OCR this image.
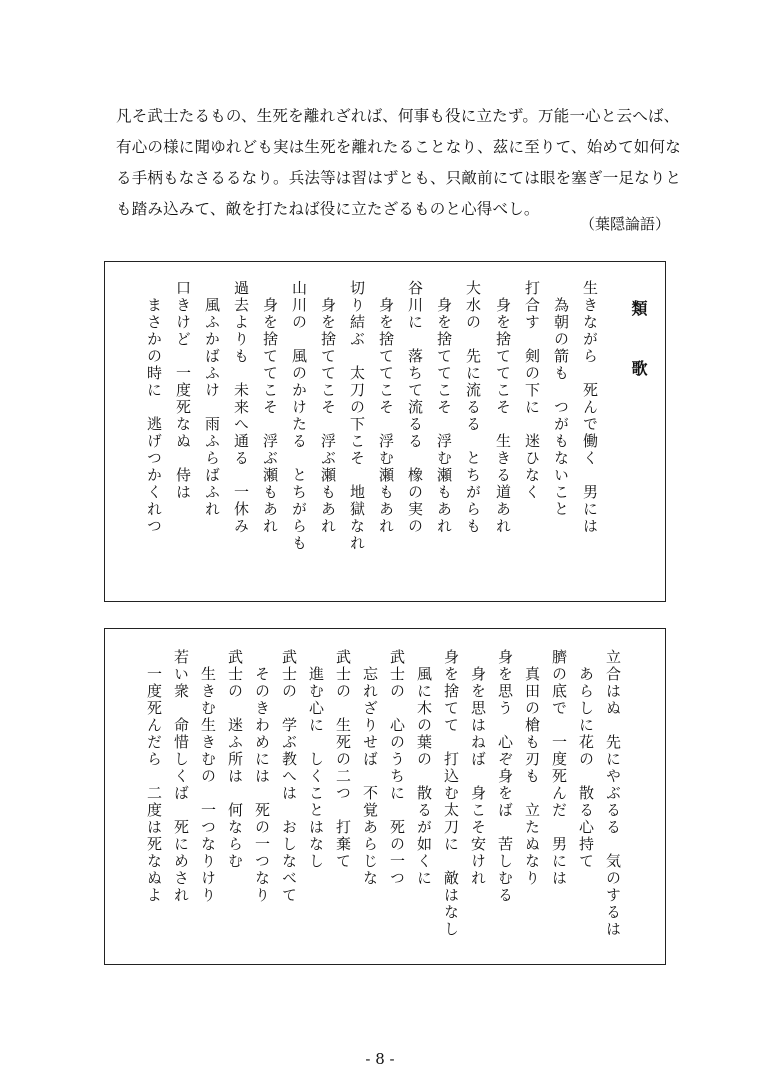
凡そ武士たるもの、生死を離れざれば、何事も役に立たず。万能一心と云へば、
有心の様に聞ゆれども実は生死を離れたることなり、茲に至りて、始めて如何な
る手柄もなさるるなり。兵法等は習はずとも、只敵前にては眼を塞ぎ一足なりと
も踏み込みて、敵を打たねば役に立たざるものと心得べし。
（葉隠論語）
類　歌
生きながら　死んで働く　男には
　為朝の箭も　つがもないこと
打合す　剣の下に　迷ひなく
　身を捨ててこそ　生きる道あれ
大水の　先に流るる　とちがらも
　身を捨ててこそ　浮む瀬もあれ
谷川に　落ちて流るる　橡の実の
　身を捨ててこそ　浮む瀬もあれ
切り結ぶ　太刀の下こそ　地獄なれ
　身を捨ててこそ　浮ぶ瀬もあれ
山川の　風のかけたる　とちがらも
　身を捨ててこそ　浮ぶ瀬もあれ
過去よりも　未来へ通る　一休み
　風ふかばふけ　雨ふらばふれ
口きけど　一度死なぬ　侍は
　まさかの時に　逃げつかくれつ
立合はぬ　先にやぶるる　気のするは
　あらしに花の　散る心持て
臍の底で　一度死んだ　男には
　真田の槍も刃も　立たぬなり
身を思う　心ぞ身をば　苦しむる
　身を思はねば　身こそ安けれ
身を捨てて　打込む太刀に　敵はなし
　風に木の葉の　散るが如くに
武士の　心のうちに　死の一つ
　忘れざりせば　不覚あらじな
武士の　生死の二つ　打棄て
　進む心に　しくことはなし
武士の　学ぶ教へは　おしなべて
　そのきわめには　死の一つなり
武士の　迷ふ所は　何ならむ
　生きむ生きむの　一つなりけり
若い衆　命惜しくば　死にめされ
　一度死んだら　二度は死なぬよ
- 8 -
